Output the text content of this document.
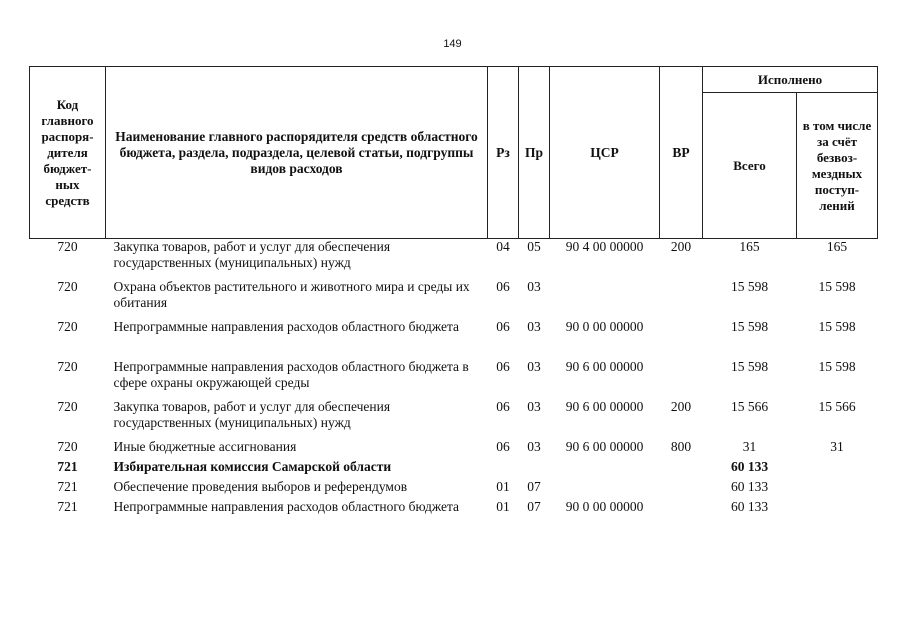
149
Код главного распоря-дителя бюджет-ных средств	Наименование главного распорядителя средств областного бюджета, раздела, подраздела, целевой статьи, подгруппы видов расходов	Рз	Пр	ЦСР	ВР	Исполнено	
						Всего	в том числе за счёт безвоз-мездных поступ-лений
720	Закупка товаров, работ и услуг для обеспечения государственных (муниципальных) нужд	04	05	90 4 00 00000	200	165	165
720	Охрана объектов растительного и животного мира и среды их обитания	06	03			15 598	15 598
720	Непрограммные направления расходов областного бюджета	06	03	90 0 00 00000		15 598	15 598
720	Непрограммные направления расходов областного бюджета в сфере охраны окружающей среды	06	03	90 6 00 00000		15 598	15 598
720	Закупка товаров, работ и услуг для обеспечения государственных (муниципальных) нужд	06	03	90 6 00 00000	200	15 566	15 566
720	Иные бюджетные ассигнования	06	03	90 6 00 00000	800	31	31
721	Избирательная комиссия Самарской области					60 133	
721	Обеспечение проведения выборов и референдумов	01	07			60 133	
721	Непрограммные направления расходов областного бюджета	01	07	90 0 00 00000		60 133	
